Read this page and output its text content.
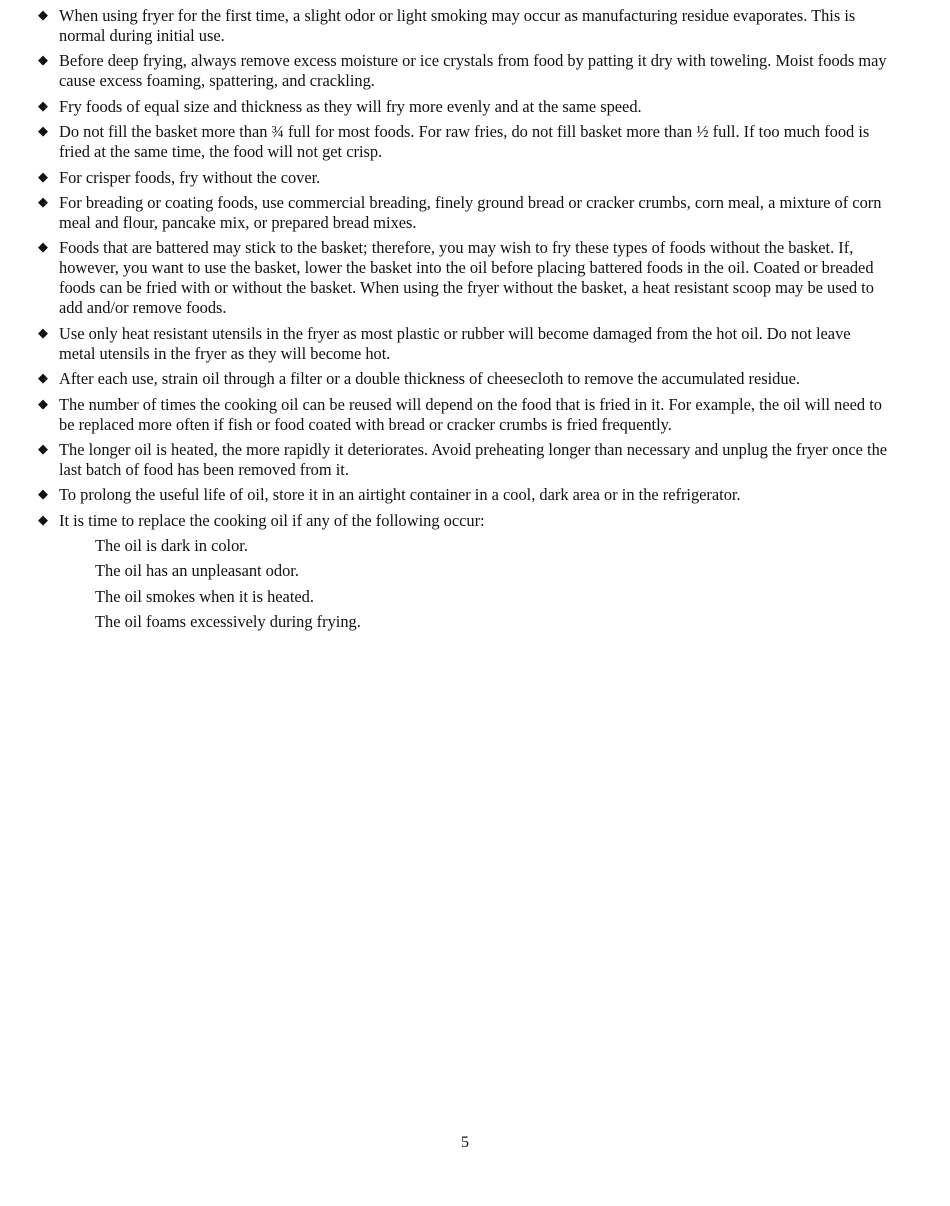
◆ When using fryer for the first time, a slight odor or light smoking may occur as manufacturing residue evaporates. This is normal during initial use.
◆ Before deep frying, always remove excess moisture or ice crystals from food by patting it dry with toweling. Moist foods may cause excess foaming, spattering, and crackling.
◆ Fry foods of equal size and thickness as they will fry more evenly and at the same speed.
◆ Do not fill the basket more than ¾ full for most foods. For raw fries, do not fill basket more than ½ full. If too much food is fried at the same time, the food will not get crisp.
◆ For crisper foods, fry without the cover.
◆ For breading or coating foods, use commercial breading, finely ground bread or cracker crumbs, corn meal, a mixture of corn meal and flour, pancake mix, or prepared bread mixes.
◆ Foods that are battered may stick to the basket; therefore, you may wish to fry these types of foods without the basket. If, however, you want to use the basket, lower the basket into the oil before placing battered foods in the oil. Coated or breaded foods can be fried with or without the basket. When using the fryer without the basket, a heat resistant scoop may be used to add and/or remove foods.
◆ Use only heat resistant utensils in the fryer as most plastic or rubber will become damaged from the hot oil. Do not leave metal utensils in the fryer as they will become hot.
◆ After each use, strain oil through a filter or a double thickness of cheesecloth to remove the accumulated residue.
◆ The number of times the cooking oil can be reused will depend on the food that is fried in it. For example, the oil will need to be replaced more often if fish or food coated with bread or cracker crumbs is fried frequently.
◆ The longer oil is heated, the more rapidly it deteriorates. Avoid preheating longer than necessary and unplug the fryer once the last batch of food has been removed from it.
◆ To prolong the useful life of oil, store it in an airtight container in a cool, dark area or in the refrigerator.
◆ It is time to replace the cooking oil if any of the following occur:
The oil is dark in color.
The oil has an unpleasant odor.
The oil smokes when it is heated.
The oil foams excessively during frying.
5
